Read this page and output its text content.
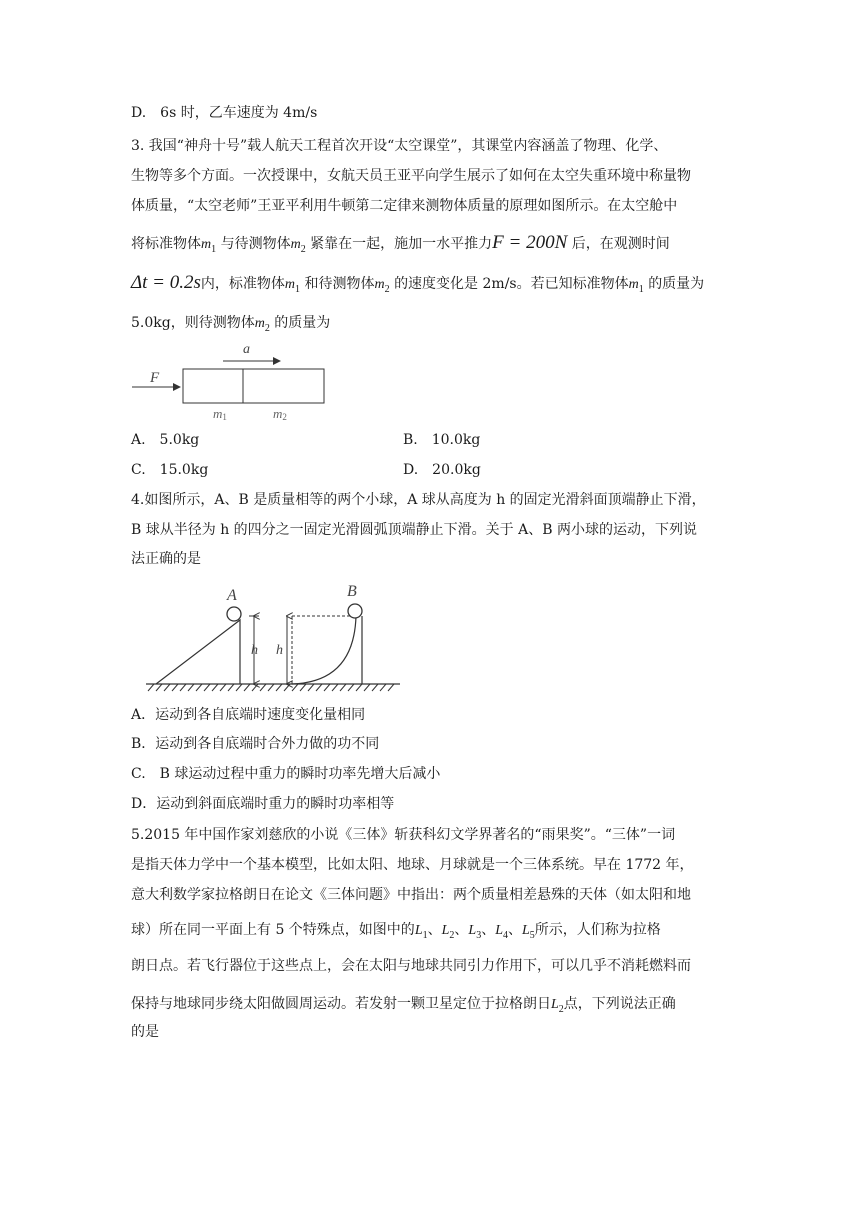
D.　6s 时，乙车速度为 4m/s
3. 我国“神舟十号”载人航天工程首次开设“太空课堂”，其课堂内容涵盖了物理、化学、
生物等多个方面。一次授课中，女航天员王亚平向学生展示了如何在太空失重环境中称量物
体质量，“太空老师”王亚平利用牛顿第二定律来测物体质量的原理如图所示。在太空舱中
将标准物体$m_1$ 与待测物体$m_2$ 紧靠在一起，施加一水平推力F = 200N 后，在观测时间
Δt = 0.2s内，标准物体$m_1$ 和待测物体$m_2$ 的速度变化是 2m/s。若已知标准物体$m_1$ 的质量为
5.0kg，则待测物体$m_2$ 的质量为
a
F
m1	m2
A.　5.0kg	B.　10.0kg
C.　15.0kg	D.　20.0kg
4.如图所示，A、B 是质量相等的两个小球，A 球从高度为 h 的固定光滑斜面顶端静止下滑，
B 球从半径为 h 的四分之一固定光滑圆弧顶端静止下滑。关于 A、B 两小球的运动，下列说
法正确的是
A
h h
B
A．运动到各自底端时速度变化量相同
B．运动到各自底端时合外力做的功不同
C.　B 球运动过程中重力的瞬时功率先增大后减小
D．运动到斜面底端时重力的瞬时功率相等
5.2015 年中国作家刘慈欣的小说《三体》斩获科幻文学界著名的“雨果奖”。“三体”一词
是指天体力学中一个基本模型，比如太阳、地球、月球就是一个三体系统。早在 1772 年，
意大利数学家拉格朗日在论文《三体问题》中指出：两个质量相差悬殊的天体（如太阳和地
球）所在同一平面上有 5 个特殊点，如图中的$L_1$、$L_2$、$L_3$、$L_4$、$L_5$所示，人们称为拉格
朗日点。若飞行器位于这些点上，会在太阳与地球共同引力作用下，可以几乎不消耗燃料而
保持与地球同步绕太阳做圆周运动。若发射一颗卫星定位于拉格朗日$L_2$点，下列说法正确
的是
